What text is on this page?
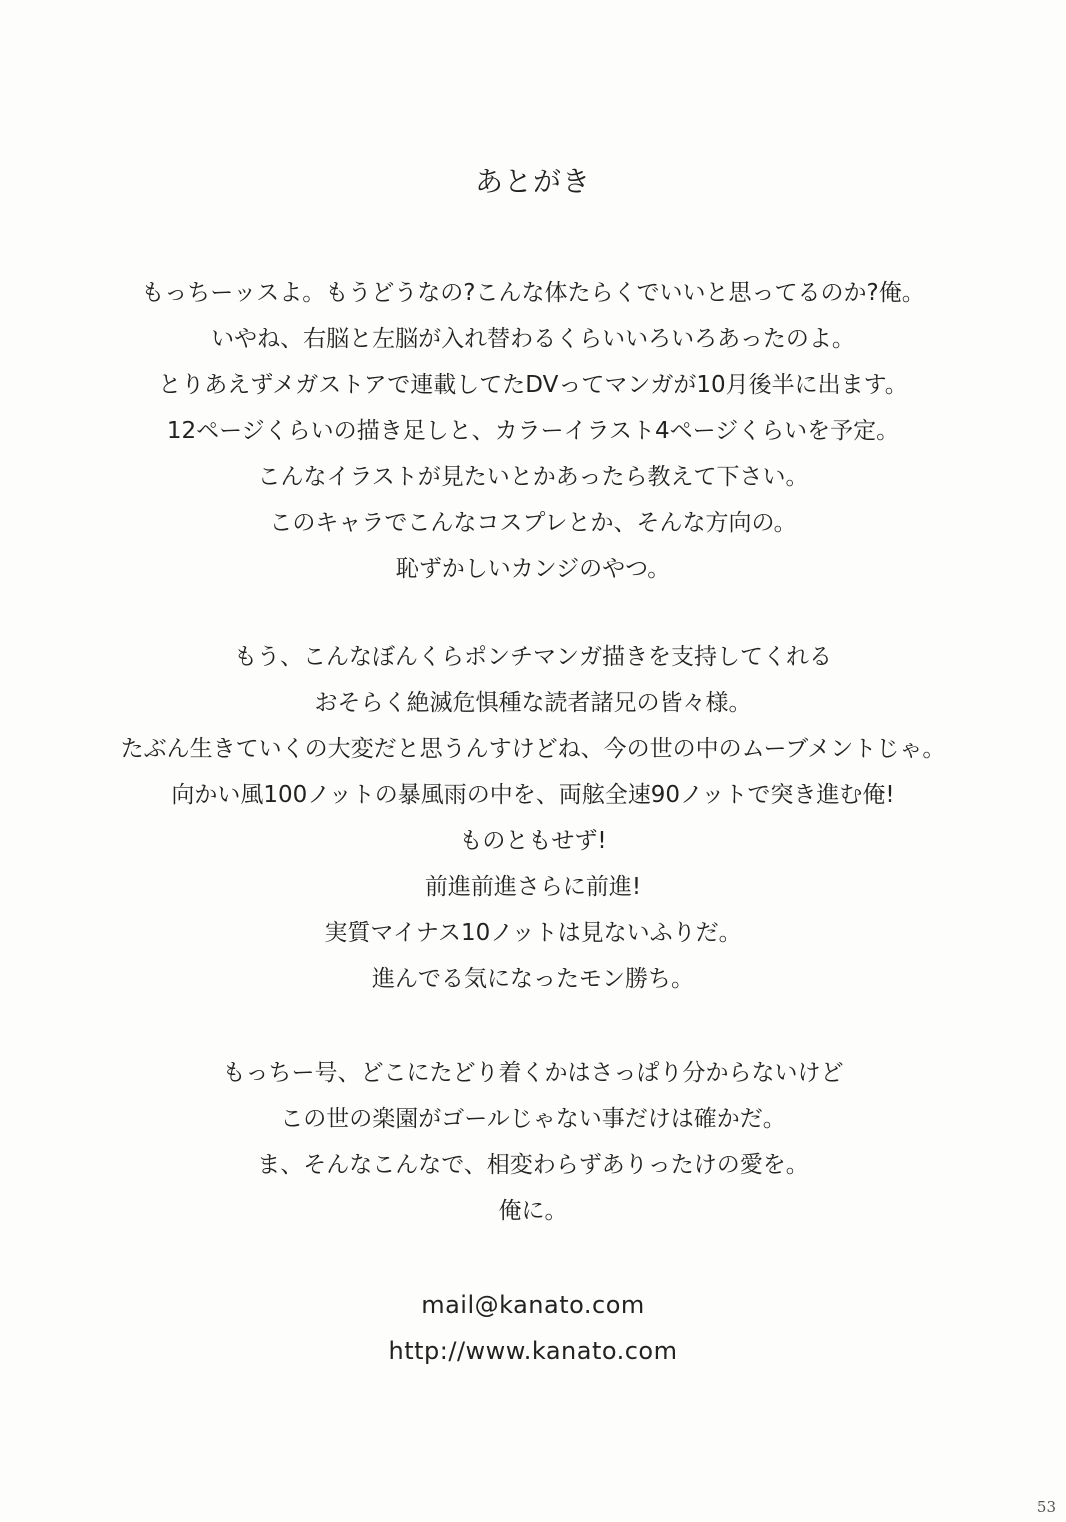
あとがき
もっちーッスよ。もうどうなの?こんな体たらくでいいと思ってるのか?俺。
いやね、右脳と左脳が入れ替わるくらいいろいろあったのよ。
とりあえずメガストアで連載してたDVってマンガが10月後半に出ます。
12ページくらいの描き足しと、カラーイラスト4ページくらいを予定。
こんなイラストが見たいとかあったら教えて下さい。
このキャラでこんなコスプレとか、そんな方向の。
恥ずかしいカンジのやつ。
もう、こんなぼんくらポンチマンガ描きを支持してくれる
おそらく絶滅危惧種な読者諸兄の皆々様。
たぶん生きていくの大変だと思うんすけどね、今の世の中のムーブメントじゃ。
向かい風100ノットの暴風雨の中を、両舷全速90ノットで突き進む俺!
ものともせず!
前進前進さらに前進!
実質マイナス10ノットは見ないふりだ。
進んでる気になったモン勝ち。
もっちー号、どこにたどり着くかはさっぱり分からないけど
この世の楽園がゴールじゃない事だけは確かだ。
ま、そんなこんなで、相変わらずありったけの愛を。
俺に。
mail@kanato.com
http://www.kanato.com
53
